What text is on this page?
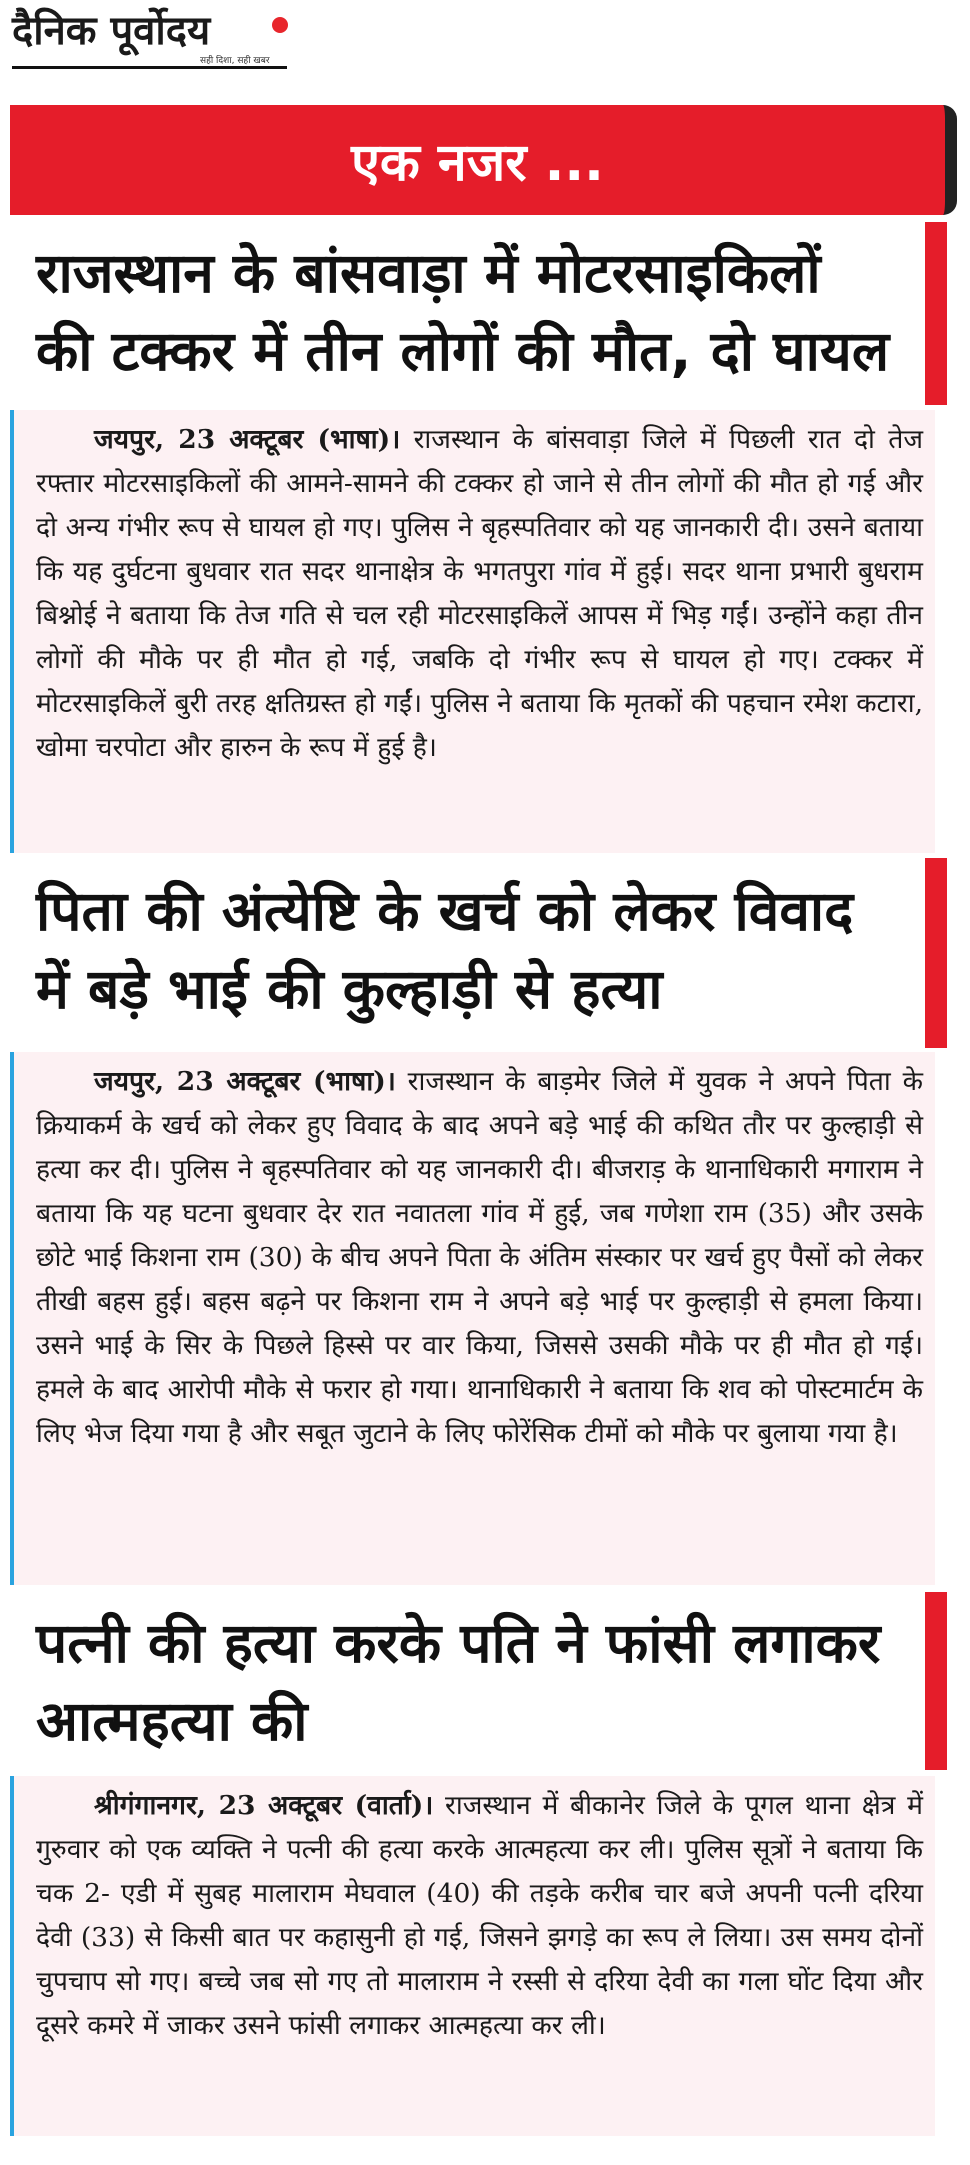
दैनिक पूर्वोदय
सही दिशा, सही खबर
एक नजर ...
राजस्थान के बांसवाड़ा में मोटरसाइकिलों की टक्कर में तीन लोगों की मौत, दो घायल

जयपुर, 23 अक्टूबर (भाषा)। राजस्थान के बांसवाड़ा जिले में पिछली रात दो तेज रफ्तार मोटरसाइकिलों की आमने-सामने की टक्कर हो जाने से तीन लोगों की मौत हो गई और दो अन्य गंभीर रूप से घायल हो गए। पुलिस ने बृहस्पतिवार को यह जानकारी दी। उसने बताया कि यह दुर्घटना बुधवार रात सदर थानाक्षेत्र के भगतपुरा गांव में हुई। सदर थाना प्रभारी बुधराम बिश्नोई ने बताया कि तेज गति से चल रही मोटरसाइकिलें आपस में भिड़ गईं। उन्होंने कहा तीन लोगों की मौके पर ही मौत हो गई, जबकि दो गंभीर रूप से घायल हो गए। टक्कर में मोटरसाइकिलें बुरी तरह क्षतिग्रस्त हो गईं। पुलिस ने बताया कि मृतकों की पहचान रमेश कटारा, खोमा चरपोटा और हारुन के रूप में हुई है।

पिता की अंत्येष्टि के खर्च को लेकर विवाद में बड़े भाई की कुल्हाड़ी से हत्या

जयपुर, 23 अक्टूबर (भाषा)। राजस्थान के बाड़मेर जिले में युवक ने अपने पिता के क्रियाकर्म के खर्च को लेकर हुए विवाद के बाद अपने बड़े भाई की कथित तौर पर कुल्हाड़ी से हत्या कर दी। पुलिस ने बृहस्पतिवार को यह जानकारी दी। बीजराड़ के थानाधिकारी मगाराम ने बताया कि यह घटना बुधवार देर रात नवातला गांव में हुई, जब गणेशा राम (35) और उसके छोटे भाई किशना राम (30) के बीच अपने पिता के अंतिम संस्कार पर खर्च हुए पैसों को लेकर तीखी बहस हुई। बहस बढ़ने पर किशना राम ने अपने बड़े भाई पर कुल्हाड़ी से हमला किया। उसने भाई के सिर के पिछले हिस्से पर वार किया, जिससे उसकी मौके पर ही मौत हो गई। हमले के बाद आरोपी मौके से फरार हो गया। थानाधिकारी ने बताया कि शव को पोस्टमार्टम के लिए भेज दिया गया है और सबूत जुटाने के लिए फोरेंसिक टीमों को मौके पर बुलाया गया है।

पत्नी की हत्या करके पति ने फांसी लगाकर आत्महत्या की

श्रीगंगानगर, 23 अक्टूबर (वार्ता)। राजस्थान में बीकानेर जिले के पूगल थाना क्षेत्र में गुरुवार को एक व्यक्ति ने पत्नी की हत्या करके आत्महत्या कर ली। पुलिस सूत्रों ने बताया कि चक 2- एडी में सुबह मालाराम मेघवाल (40) की तड़के करीब चार बजे अपनी पत्नी दरिया देवी (33) से किसी बात पर कहासुनी हो गई, जिसने झगड़े का रूप ले लिया। उस समय दोनों चुपचाप सो गए। बच्चे जब सो गए तो मालाराम ने रस्सी से दरिया देवी का गला घोंट दिया और दूसरे कमरे में जाकर उसने फांसी लगाकर आत्महत्या कर ली।
